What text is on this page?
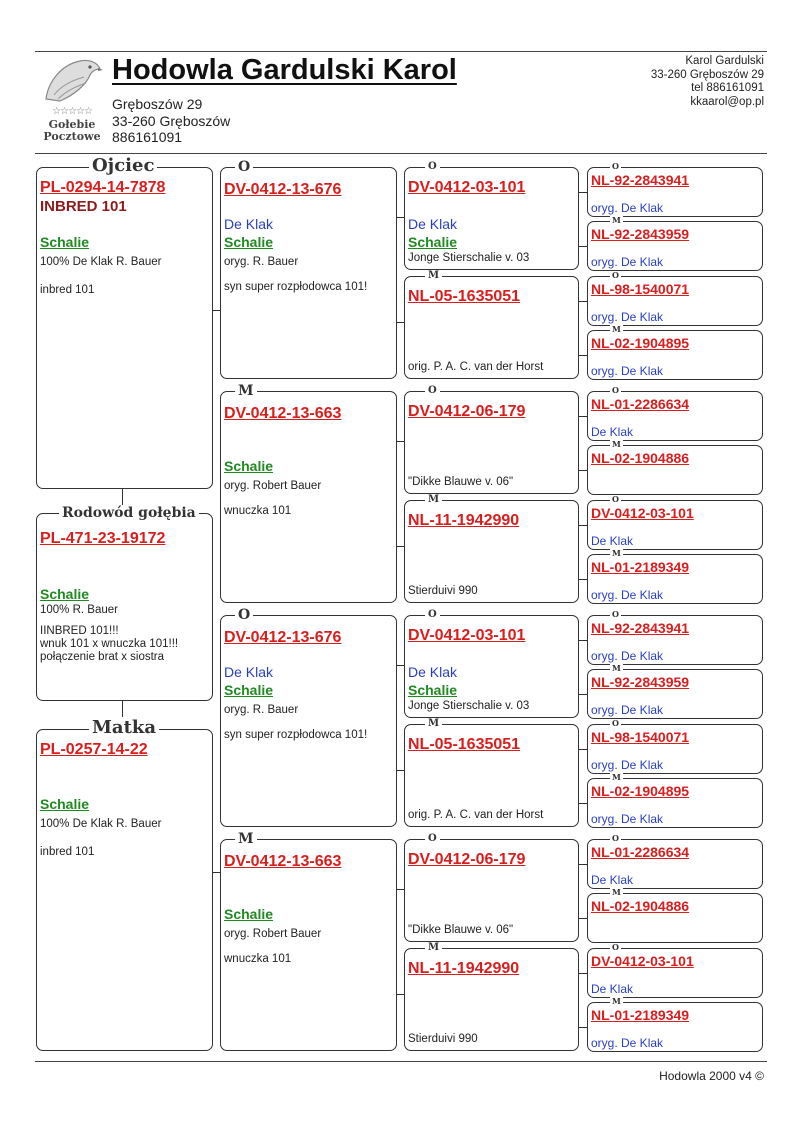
☆☆☆☆☆
Gołebie
Pocztowe
Hodowla Gardulski Karol
Gręboszów 29
33-260 Gręboszów
886161091
Karol Gardulski
33-260 Gręboszów 29
tel 886161091
kkaarol@op.pl
Ojciec
PL-0294-14-7878
INBRED 101
Schalie
100% De Klak R. Bauer
inbred 101
Rodowód gołębia
PL-471-23-19172
Schalie
100% R. Bauer
IINBRED 101!!!
wnuk 101 x wnuczka 101!!!
połączenie brat x siostra
Matka
PL-0257-14-22
Schalie
100% De Klak R. Bauer
inbred 101
O
DV-0412-13-676
De Klak
Schalie
oryg. R. Bauer
syn super rozpłodowca 101!
M
DV-0412-13-663
Schalie
oryg. Robert Bauer
wnuczka 101
O
DV-0412-13-676
De Klak
Schalie
oryg. R. Bauer
syn super rozpłodowca 101!
M
DV-0412-13-663
Schalie
oryg. Robert Bauer
wnuczka 101
O
DV-0412-03-101
De Klak
Schalie
Jonge Stierschalie v. 03
M
NL-05-1635051
orig. P. A. C. van der Horst
O
DV-0412-06-179
"Dikke Blauwe v. 06"
M
NL-11-1942990
Stierduivi 990
O
DV-0412-03-101
De Klak
Schalie
Jonge Stierschalie v. 03
M
NL-05-1635051
orig. P. A. C. van der Horst
O
DV-0412-06-179
"Dikke Blauwe v. 06"
M
NL-11-1942990
Stierduivi 990
O
NL-92-2843941
oryg. De Klak
M
NL-92-2843959
oryg. De Klak
O
NL-98-1540071
oryg. De Klak
M
NL-02-1904895
oryg. De Klak
O
NL-01-2286634
De Klak
M
NL-02-1904886
O
DV-0412-03-101
De Klak
M
NL-01-2189349
oryg. De Klak
O
NL-92-2843941
oryg. De Klak
M
NL-92-2843959
oryg. De Klak
O
NL-98-1540071
oryg. De Klak
M
NL-02-1904895
oryg. De Klak
O
NL-01-2286634
De Klak
M
NL-02-1904886
O
DV-0412-03-101
De Klak
M
NL-01-2189349
oryg. De Klak
Hodowla 2000 v4 ©
